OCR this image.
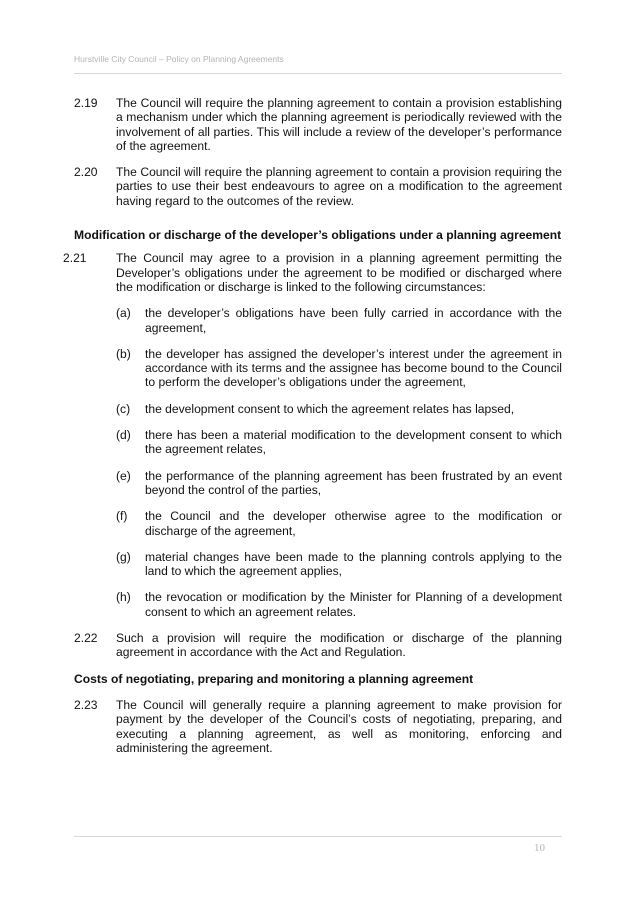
Hurstville City Council – Policy on Planning Agreements
2.19 The Council will require the planning agreement to contain a provision establishing a mechanism under which the planning agreement is periodically reviewed with the involvement of all parties. This will include a review of the developer’s performance of the agreement.
2.20 The Council will require the planning agreement to contain a provision requiring the parties to use their best endeavours to agree on a modification to the agreement having regard to the outcomes of the review.
Modification or discharge of the developer’s obligations under a planning agreement
2.21 The Council may agree to a provision in a planning agreement permitting the Developer’s obligations under the agreement to be modified or discharged where the modification or discharge is linked to the following circumstances:
(a) the developer’s obligations have been fully carried in accordance with the agreement,
(b) the developer has assigned the developer’s interest under the agreement in accordance with its terms and the assignee has become bound to the Council to perform the developer’s obligations under the agreement,
(c) the development consent to which the agreement relates has lapsed,
(d) there has been a material modification to the development consent to which the agreement relates,
(e) the performance of the planning agreement has been frustrated by an event beyond the control of the parties,
(f) the Council and the developer otherwise agree to the modification or discharge of the agreement,
(g) material changes have been made to the planning controls applying to the land to which the agreement applies,
(h) the revocation or modification by the Minister for Planning of a development consent to which an agreement relates.
2.22 Such a provision will require the modification or discharge of the planning agreement in accordance with the Act and Regulation.
Costs of negotiating, preparing and monitoring a planning agreement
2.23 The Council will generally require a planning agreement to make provision for payment by the developer of the Council’s costs of negotiating, preparing, and executing a planning agreement, as well as monitoring, enforcing and administering the agreement.
10
